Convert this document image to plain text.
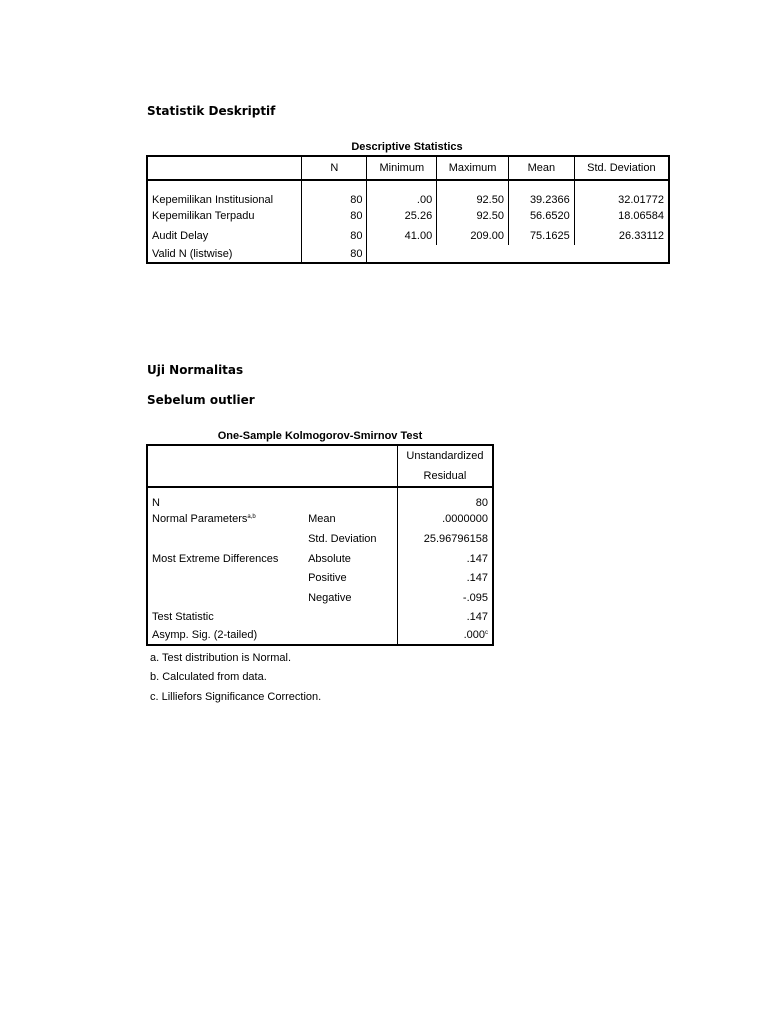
Statistik Deskriptif
Descriptive Statistics
	N	Minimum	Maximum	Mean	Std. Deviation
Kepemilikan Institusional	80	.00	92.50	39.2366	32.01772
Kepemilikan Terpadu	80	25.26	92.50	56.6520	18.06584
Audit Delay	80	41.00	209.00	75.1625	26.33112
Valid N (listwise)	80				
Uji Normalitas
Sebelum outlier
One-Sample Kolmogorov-Smirnov Test

		Unstandardized
Residual

N		80
Normal Parameters$^{a,b}$	Mean	.0000000
	Std. Deviation	25.96796158
Most Extreme Differences	Absolute	.147
	Positive	.147
	Negative	-.095
Test Statistic		.147
Asymp. Sig. (2-tailed)		.000$^c$
a. Test distribution is Normal.
b. Calculated from data.
c. Lilliefors Significance Correction.
